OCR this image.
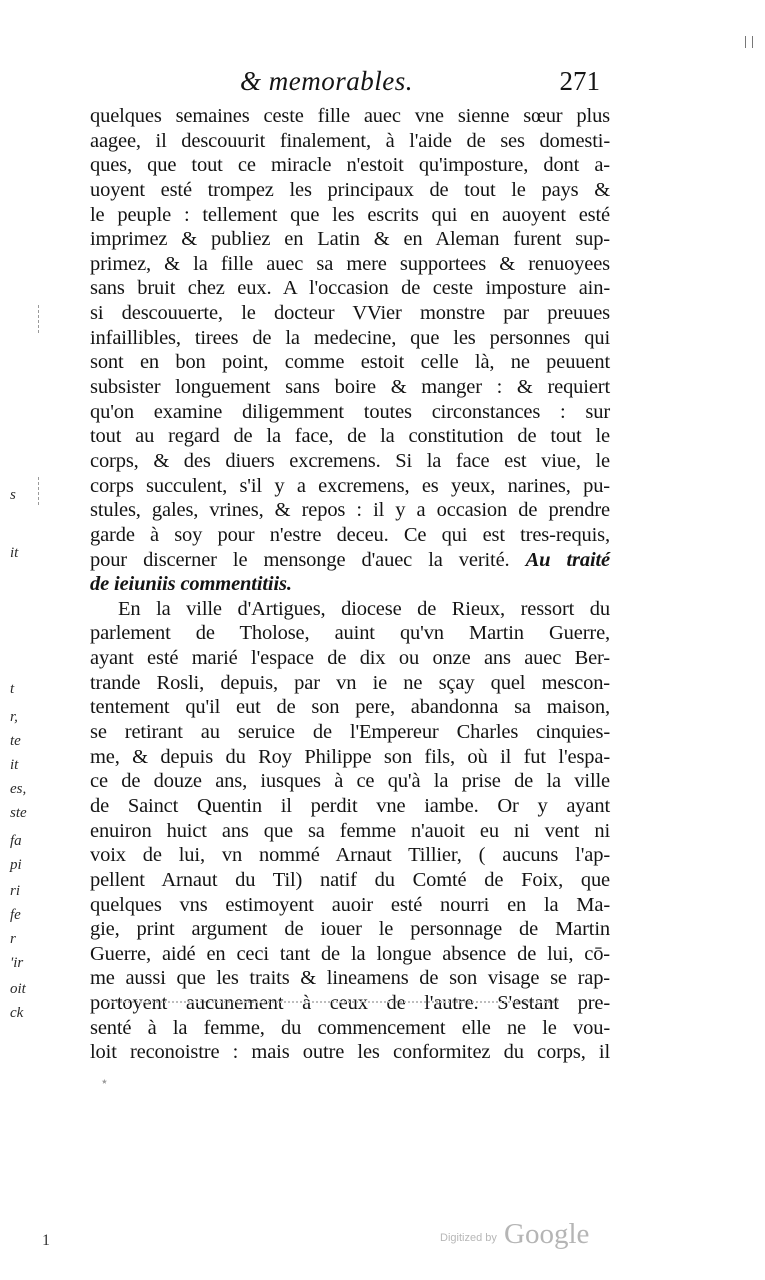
& memorables.	271
quelques semaines ceste fille auec vne sienne sœur plus
aagee, il descouurit finalement, à l'aide de ses domesti-
ques, que tout ce miracle n'estoit qu'imposture, dont a-
uoyent esté trompez les principaux de tout le pays &
le peuple : tellement que les escrits qui en auoyent esté
imprimez & publiez en Latin & en Aleman furent sup-
primez, & la fille auec sa mere supportees & renuoyees
sans bruit chez eux. A l'occasion de ceste imposture ain-
si descouuerte, le docteur VVier monstre par preuues
infaillibles, tirees de la medecine, que les personnes qui
sont en bon point, comme estoit celle là, ne peuuent
subsister longuement sans boire & manger : & requiert
qu'on examine diligemment toutes circonstances : sur
tout au regard de la face, de la constitution de tout le
corps, & des diuers excremens. Si la face est viue, le
corps succulent, s'il y a excremens, es yeux, narines, pu-
stules, gales, vrines, & repos : il y a occasion de prendre
garde à soy pour n'estre deceu. Ce qui est tres-requis,
pour discerner le mensonge d'auec la verité. Au traité
de ieiuniis commentitiis.
En la ville d'Artigues, diocese de Rieux, ressort du
parlement de Tholose, auint qu'vn Martin Guerre,
ayant esté marié l'espace de dix ou onze ans auec Ber-
trande Rosli, depuis, par vn ie ne sçay quel mescon-
tentement qu'il eut de son pere, abandonna sa maison,
se retirant au seruice de l'Empereur Charles cinquies-
me, & depuis du Roy Philippe son fils, où il fut l'espa-
ce de douze ans, iusques à ce qu'à la prise de la ville
de Sainct Quentin il perdit vne iambe. Or y ayant
enuiron huict ans que sa femme n'auoit eu ni vent ni
voix de lui, vn nommé Arnaut Tillier, ( aucuns l'ap-
pellent Arnaut du Til) natif du Comté de Foix, que
quelques vns estimoyent auoir esté nourri en la Ma-
gie, print argument de iouer le personnage de Martin
Guerre, aidé en ceci tant de la longue absence de lui, cō-
me aussi que les traits & lineamens de son visage se rap-
portoyent aucunement à ceux de l'autre. S'estant pre-
senté à la femme, du commencement elle ne le vou-
loit reconoistre : mais outre les conformitez du corps, il
s
it
t
r,
te
it
es,
ste
fa
pi
ri
fe
r
'ir
oit
ck
⋆
1	Digitized by Google
